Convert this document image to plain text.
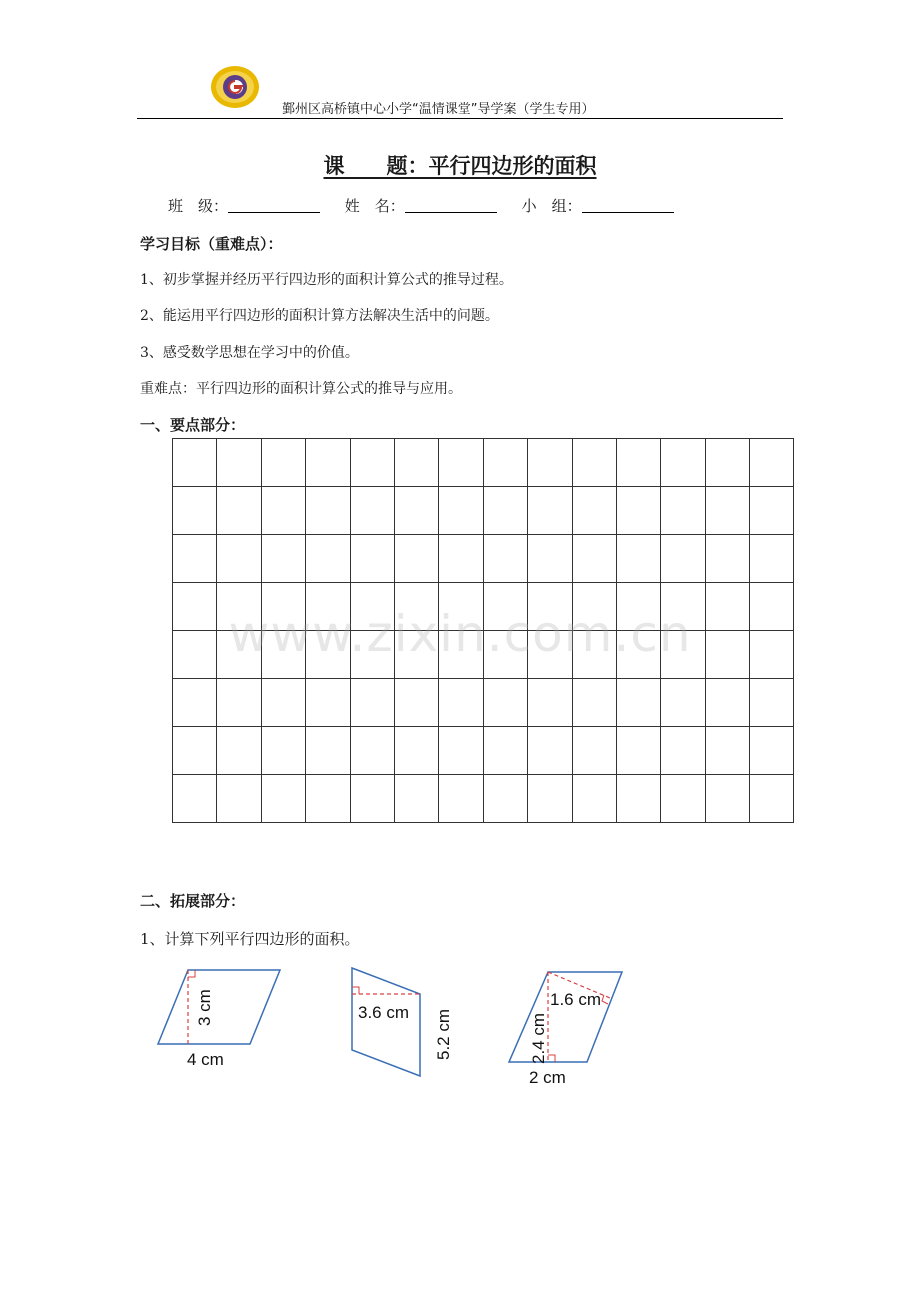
鄞州区高桥镇中心小学“温情课堂”导学案（学生专用）
课　　题：平行四边形的面积
班　级：	姓　名：	小　组：
学习目标（重难点）：
1、初步掌握并经历平行四边形的面积计算公式的推导过程。
2、能运用平行四边形的面积计算方法解决生活中的问题。
3、感受数学思想在学习中的价值。
重难点：平行四边形的面积计算公式的推导与应用。
一、要点部分：

www.zixin.com.cn
二、拓展部分：
1、计算下列平行四边形的面积。
3 cm
4 cm
3.6 cm 5.2 cm
1.6 cm
2.4 cm
2 cm
